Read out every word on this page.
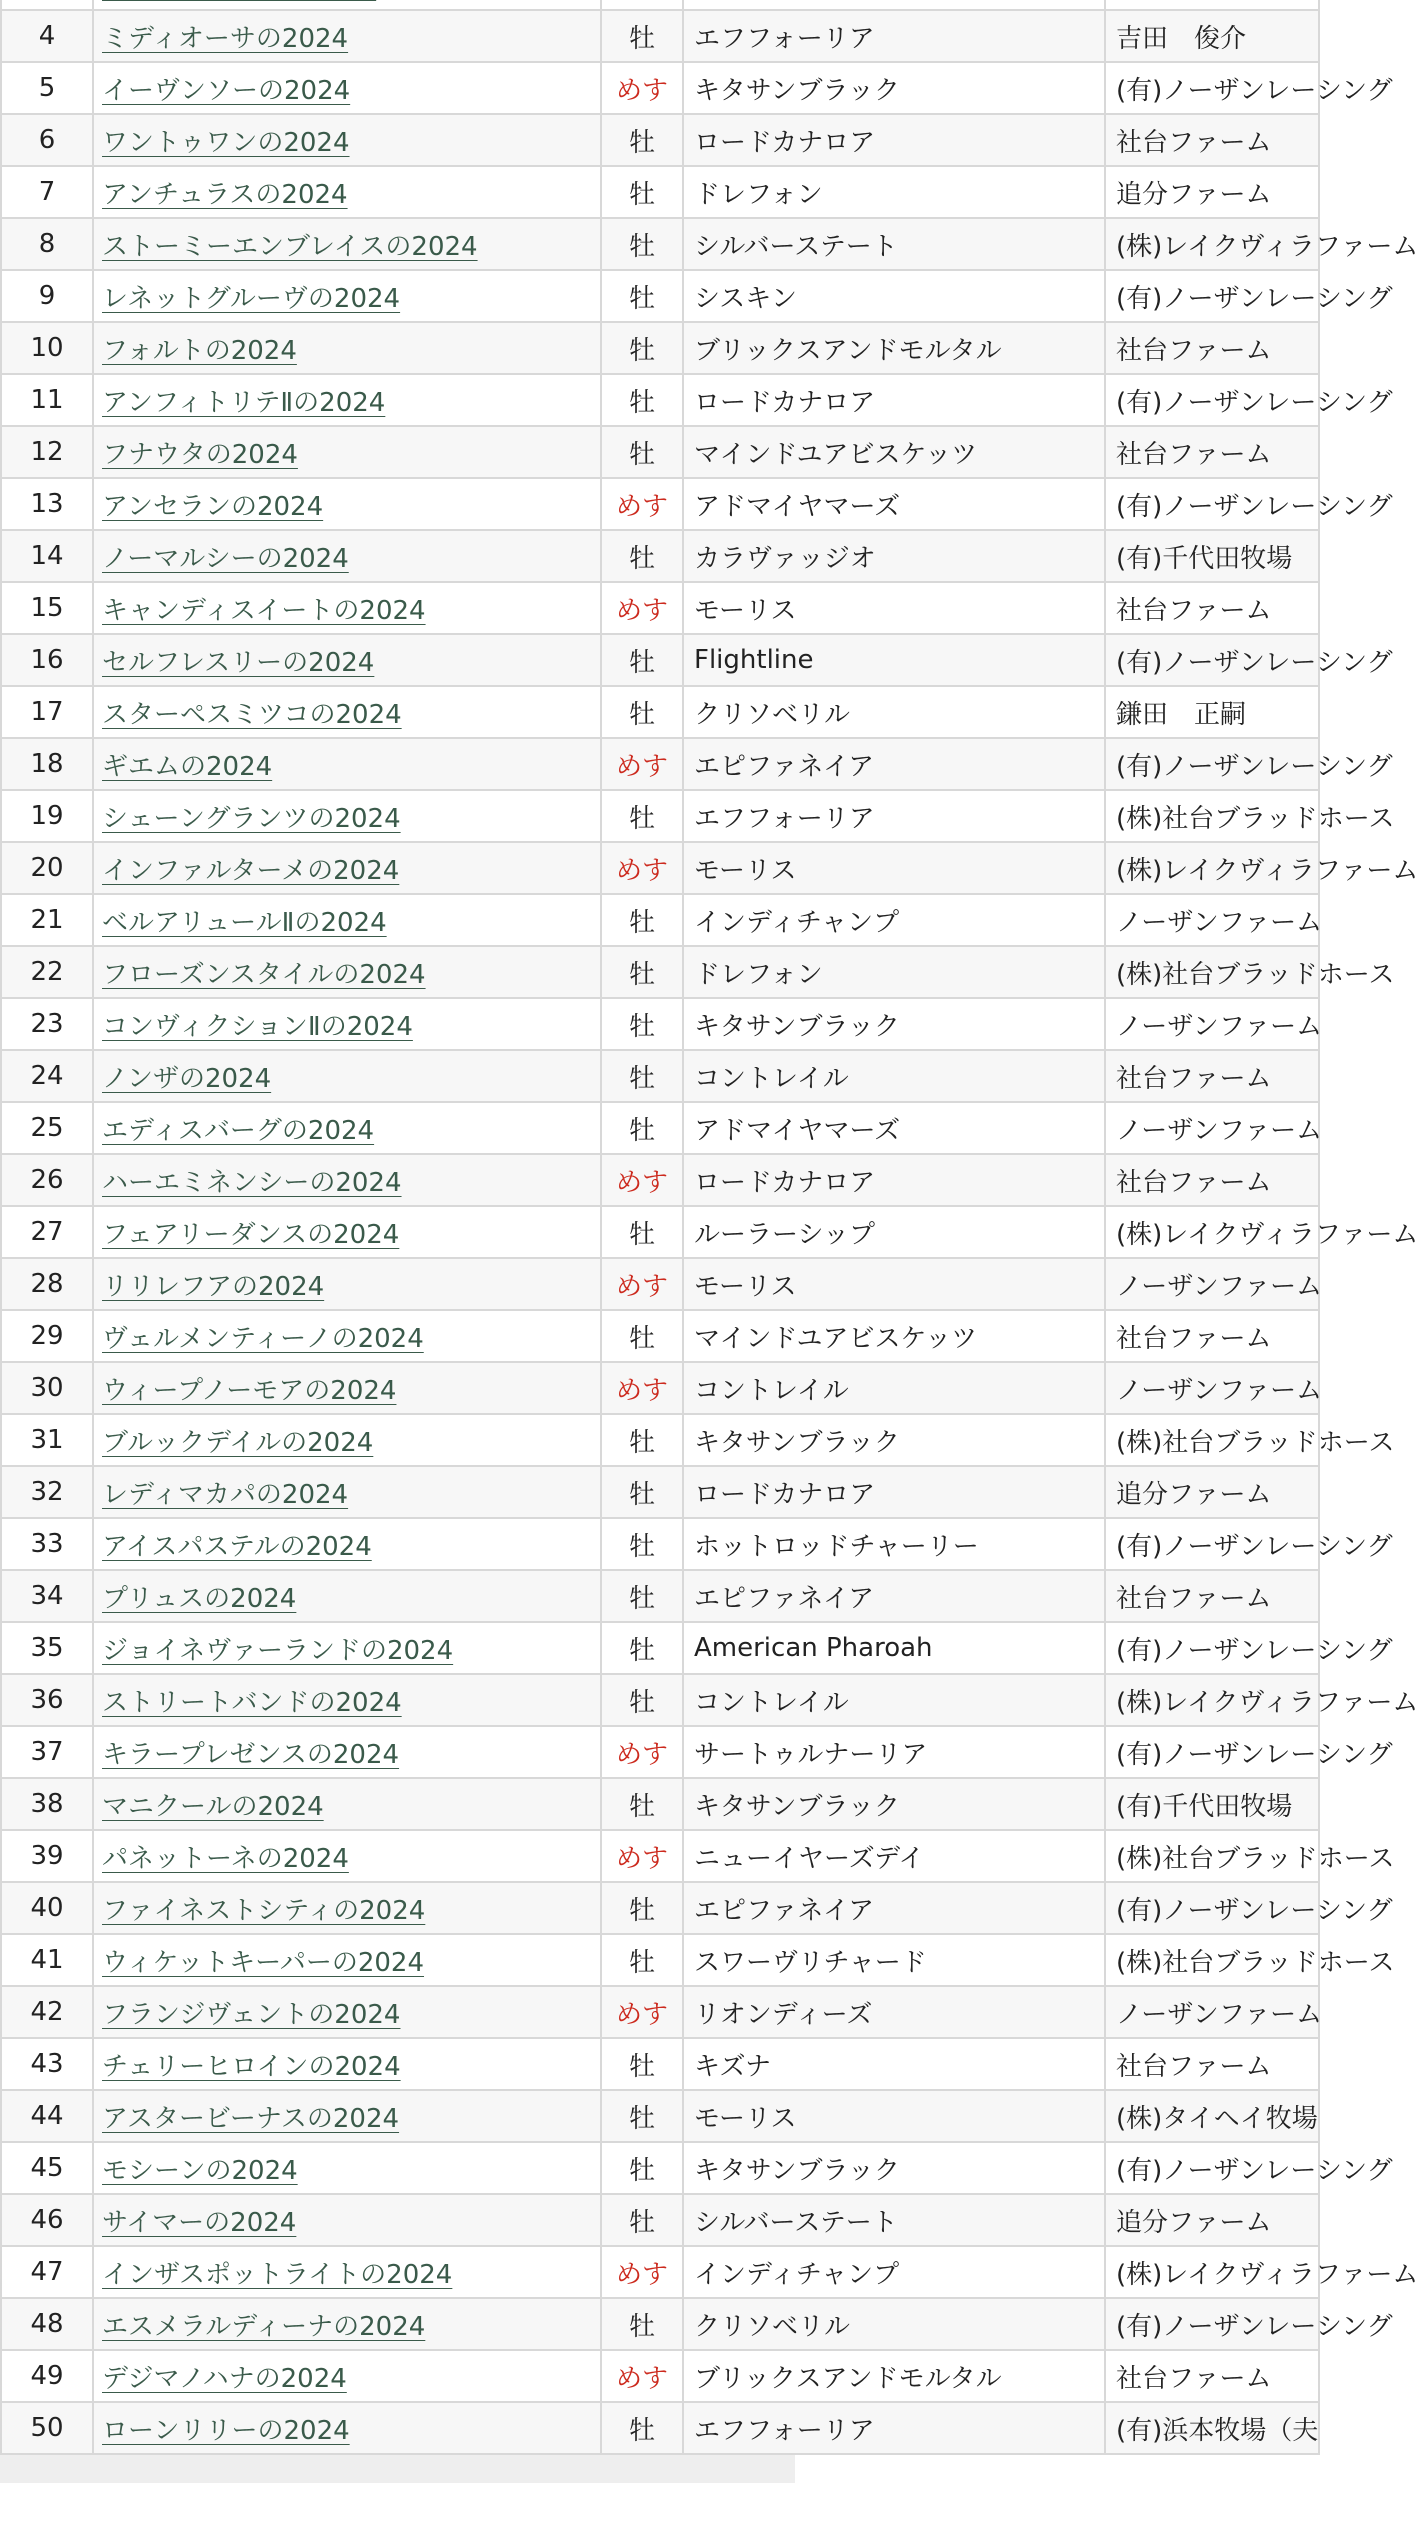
4	ミディオーサの2024	牡	エフフォーリア	吉田　俊介
5	イーヴンソーの2024	めす	キタサンブラック	(有)ノーザンレーシング
6	ワントゥワンの2024	牡	ロードカナロア	社台ファーム
7	アンチュラスの2024	牡	ドレフォン	追分ファーム
8	ストーミーエンブレイスの2024	牡	シルバーステート	(株)レイクヴィラファーム
9	レネットグルーヴの2024	牡	シスキン	(有)ノーザンレーシング
10	フォルトの2024	牡	ブリックスアンドモルタル	社台ファーム
11	アンフィトリテⅡの2024	牡	ロードカナロア	(有)ノーザンレーシング
12	フナウタの2024	牡	マインドユアビスケッツ	社台ファーム
13	アンセランの2024	めす	アドマイヤマーズ	(有)ノーザンレーシング
14	ノーマルシーの2024	牡	カラヴァッジオ	(有)千代田牧場
15	キャンディスイートの2024	めす	モーリス	社台ファーム
16	セルフレスリーの2024	牡	Flightline	(有)ノーザンレーシング
17	スターペスミツコの2024	牡	クリソベリル	鎌田　正嗣
18	ギエムの2024	めす	エピファネイア	(有)ノーザンレーシング
19	シェーングランツの2024	牡	エフフォーリア	(株)社台ブラッドホース
20	インファルターメの2024	めす	モーリス	(株)レイクヴィラファーム
21	ベルアリュールⅡの2024	牡	インディチャンプ	ノーザンファーム
22	フローズンスタイルの2024	牡	ドレフォン	(株)社台ブラッドホース
23	コンヴィクションⅡの2024	牡	キタサンブラック	ノーザンファーム
24	ノンザの2024	牡	コントレイル	社台ファーム
25	エディスバーグの2024	牡	アドマイヤマーズ	ノーザンファーム
26	ハーエミネンシーの2024	めす	ロードカナロア	社台ファーム
27	フェアリーダンスの2024	牡	ルーラーシップ	(株)レイクヴィラファーム
28	リリレフアの2024	めす	モーリス	ノーザンファーム
29	ヴェルメンティーノの2024	牡	マインドユアビスケッツ	社台ファーム
30	ウィープノーモアの2024	めす	コントレイル	ノーザンファーム
31	ブルックデイルの2024	牡	キタサンブラック	(株)社台ブラッドホース
32	レディマカパの2024	牡	ロードカナロア	追分ファーム
33	アイスパステルの2024	牡	ホットロッドチャーリー	(有)ノーザンレーシング
34	プリュスの2024	牡	エピファネイア	社台ファーム
35	ジョイネヴァーランドの2024	牡	American Pharoah	(有)ノーザンレーシング
36	ストリートバンドの2024	牡	コントレイル	(株)レイクヴィラファーム
37	キラープレゼンスの2024	めす	サートゥルナーリア	(有)ノーザンレーシング
38	マニクールの2024	牡	キタサンブラック	(有)千代田牧場
39	パネットーネの2024	めす	ニューイヤーズデイ	(株)社台ブラッドホース
40	ファイネストシティの2024	牡	エピファネイア	(有)ノーザンレーシング
41	ウィケットキーパーの2024	牡	スワーヴリチャード	(株)社台ブラッドホース
42	フランジヴェントの2024	めす	リオンディーズ	ノーザンファーム
43	チェリーヒロインの2024	牡	キズナ	社台ファーム
44	アスタービーナスの2024	牡	モーリス	(株)タイヘイ牧場
45	モシーンの2024	牡	キタサンブラック	(有)ノーザンレーシング
46	サイマーの2024	牡	シルバーステート	追分ファーム
47	インザスポットライトの2024	めす	インディチャンプ	(株)レイクヴィラファーム
48	エスメラルディーナの2024	牡	クリソベリル	(有)ノーザンレーシング
49	デジマノハナの2024	めす	ブリックスアンドモルタル	社台ファーム
50	ローンリリーの2024	牡	エフフォーリア	(有)浜本牧場（夫
